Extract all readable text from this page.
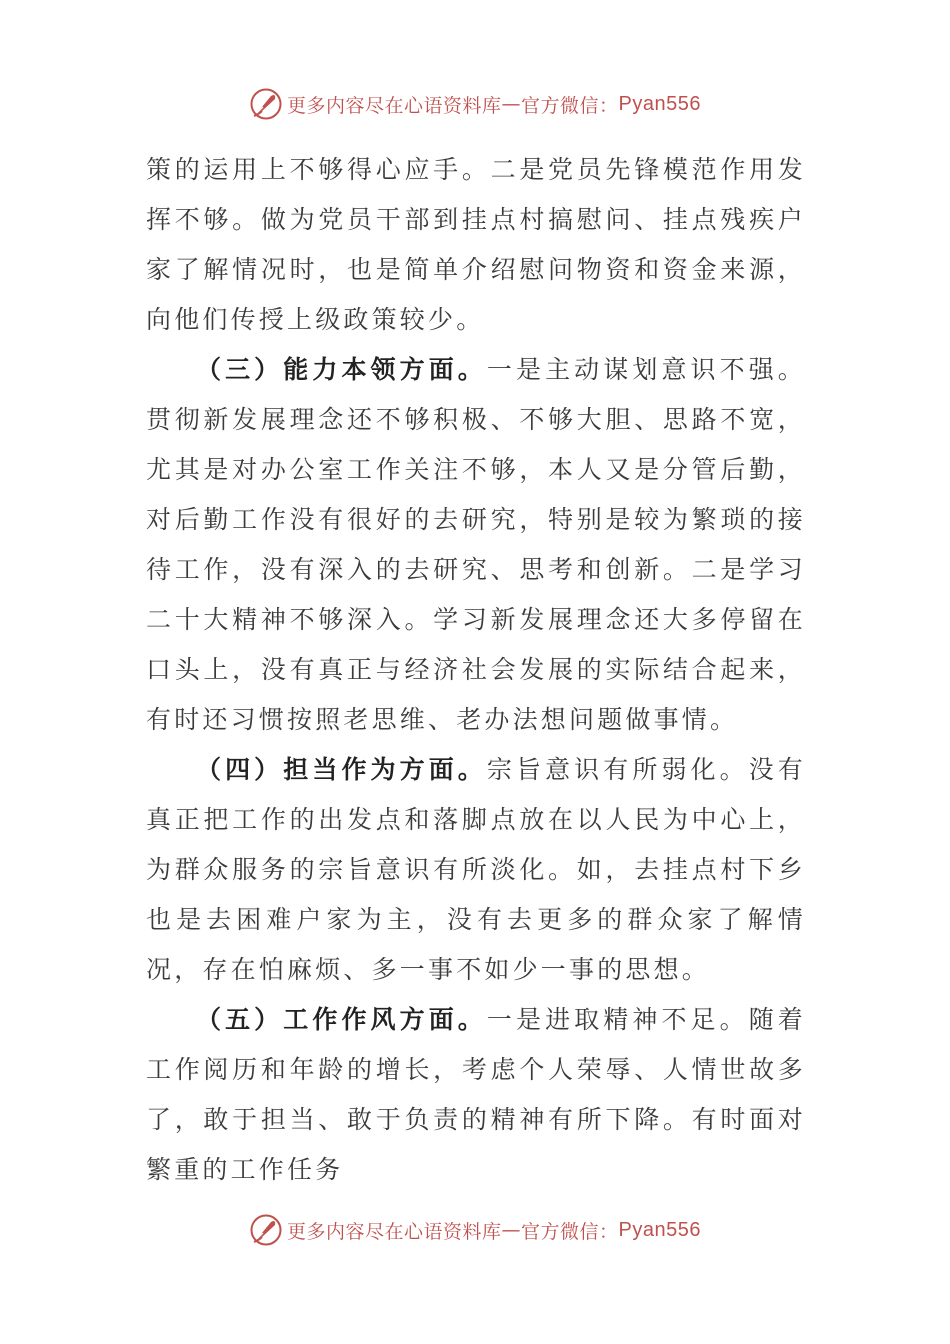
更多内容尽在心语资料库 — 官方微信： Pyan556

策的运用上不够得心应手。二是党员先锋模范作用发挥不够。做为党员干部到挂点村搞慰问、挂点残疾户家了解情况时，也是简单介绍慰问物资和资金来源，向他们传授上级政策较少。

（三）能力本领方面。一是主动谋划意识不强。贯彻新发展理念还不够积极、不够大胆、思路不宽，尤其是对办公室工作关注不够，本人又是分管后勤，对后勤工作没有很好的去研究，特别是较为繁琐的接待工作，没有深入的去研究、思考和创新。二是学习二十大精神不够深入。学习新发展理念还大多停留在口头上，没有真正与经济社会发展的实际结合起来，有时还习惯按照老思维、老办法想问题做事情。

（四）担当作为方面。宗旨意识有所弱化。没有真正把工作的出发点和落脚点放在以人民为中心上，为群众服务的宗旨意识有所淡化。如，去挂点村下乡也是去困难户家为主，没有去更多的群众家了解情况，存在怕麻烦、多一事不如少一事的思想。

（五）工作作风方面。一是进取精神不足。随着工作阅历和年龄的增长，考虑个人荣辱、人情世故多了，敢于担当、敢于负责的精神有所下降。有时面对繁重的工作任务

更多内容尽在心语资料库 — 官方微信： Pyan556
